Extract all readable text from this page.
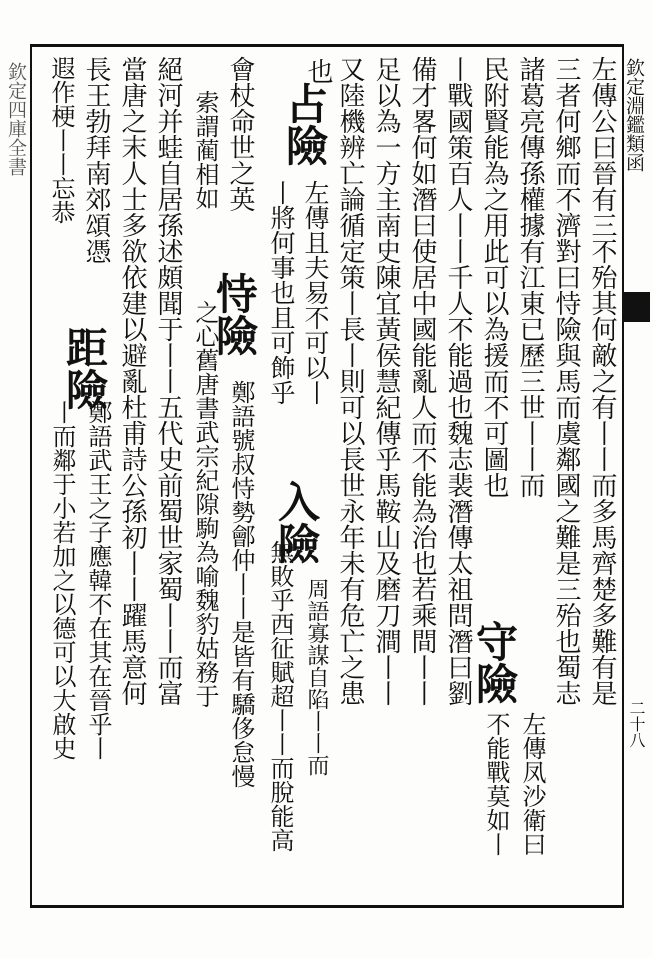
欽定淵鑑類函
二十八
欽定四庫全書	左傳公曰晉有三不殆其何敵之有丨丨而多馬齊楚多難有是
三者何鄉而不濟對曰恃險與馬而虞鄰國之難是三殆也蜀志
諸葛亮傳孫權據有江東已歷三世丨丨而
民附賢能為之用此可以為援而不可圖也
守險
不能戰莫如丨 左傳凤沙衛曰
丨戰國策百人丨丨千人不能過也魏志裴潛傳太祖問潛曰劉
備才畧何如潛曰使居中國能亂人而不能為治也若乘間丨丨
足以為一方主南史陳宜黃侯慧紀傳乎馬鞍山及磨刀澗丨丨
又陸機辨亡論循定策丨長丨則可以長世永年未有危亡之患
也
占險
左傳且夫易不可以丨
丨將何事也且可飾乎
入險
周語寡謀自陷丨丨而
無敗乎西征賦超丨丨而脫能高
會杖命世之英
恃險
鄭語號叔恃勢鄶仲丨丨是皆有驕侈怠慢
索謂蔺相如
之心舊唐書武宗紀隙駒為喻魏豹姑務于
絕河并蛙自居孫述頗聞于丨丨五代史前蜀世家蜀丨丨而富
當唐之末人士多欲依建以避亂杜甫詩公孫初丨丨躍馬意何
長王勃拜南郊頌憑
距險
鄭語武王之子應韓不在其在晉乎丨
丨而鄰于小若加之以德可以大啟史
遐作梗丨丨忘恭
